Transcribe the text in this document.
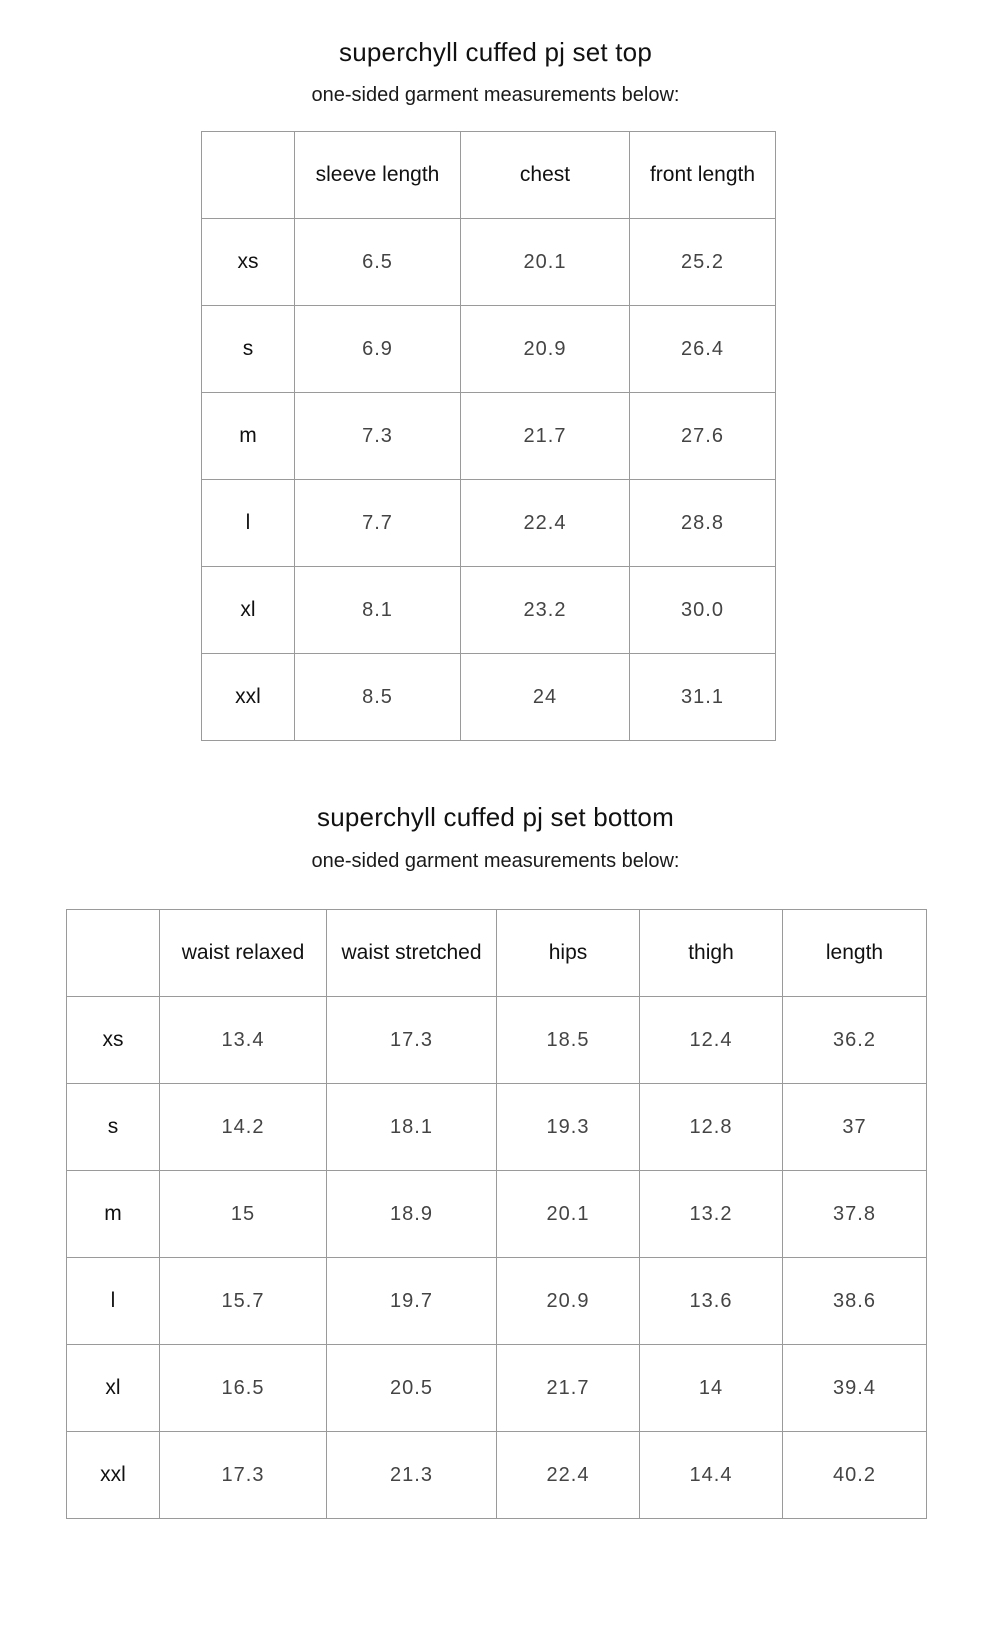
superchyll cuffed pj set top

one-sided garment measurements below:

	sleeve length	chest	front length
xs	6.5	20.1	25.2
s	6.9	20.9	26.4
m	7.3	21.7	27.6
l	7.7	22.4	28.8
xl	8.1	23.2	30.0
xxl	8.5	24	31.1
superchyll cuffed pj set bottom

one-sided garment measurements below:

	waist relaxed	waist stretched	hips	thigh	length
xs	13.4	17.3	18.5	12.4	36.2
s	14.2	18.1	19.3	12.8	37
m	15	18.9	20.1	13.2	37.8
l	15.7	19.7	20.9	13.6	38.6
xl	16.5	20.5	21.7	14	39.4
xxl	17.3	21.3	22.4	14.4	40.2
